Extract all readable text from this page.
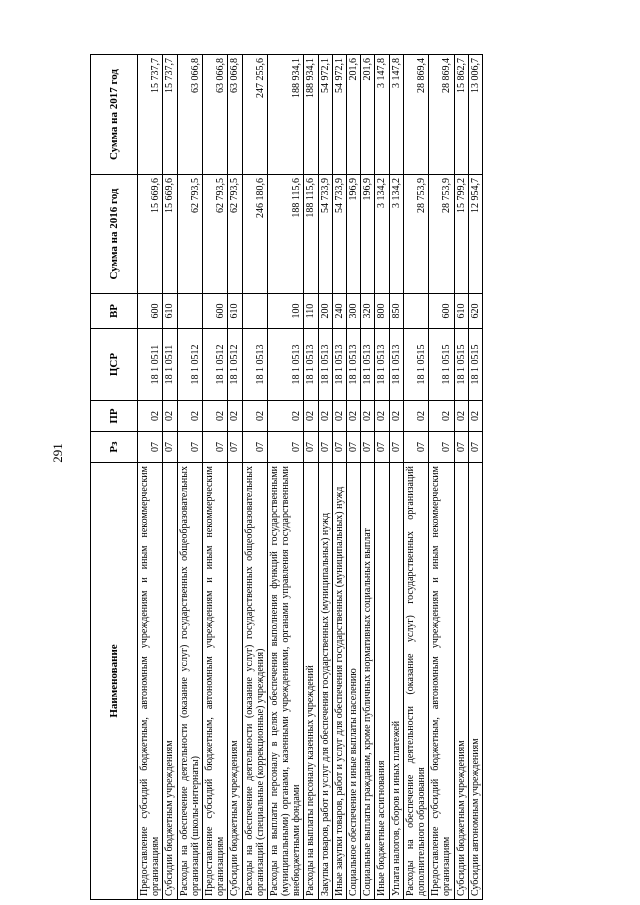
291
Наименование	Рз	ПР	ЦСР	ВР	Сумма на 2016 год	Сумма на 2017 год
Предоставление субсидий бюджетным, автономным учреждениям и иным некоммерческим организациям	07	02	18 1 0511	600	15 669,6	15 737,7
Субсидии бюджетным учреждениям	07	02	18 1 0511	610	15 669,6	15 737,7
Расходы на обеспечение деятельности (оказание услуг) государственных общеобразовательных организаций (школы-интернаты)	07	02	18 1 0512		62 793,5	63 066,8
Предоставление субсидий бюджетным, автономным учреждениям и иным некоммерческим организациям	07	02	18 1 0512	600	62 793,5	63 066,8
Субсидии бюджетным учреждениям	07	02	18 1 0512	610	62 793,5	63 066,8
Расходы на обеспечение деятельности (оказание услуг) государственных общеобразовательных организаций (специальные (коррекционные) учреждения)	07	02	18 1 0513		246 180,6	247 255,6
Расходы на выплаты персоналу в целях обеспечения выполнения функций государственными (муниципальными) органами, казенными учреждениями, органами управления государственными внебюджетными фондами	07	02	18 1 0513	100	188 115,6	188 934,1
Расходы на выплаты персоналу казенных учреждений	07	02	18 1 0513	110	188 115,6	188 934,1
Закупка товаров, работ и услуг для обеспечения государственных (муниципальных) нужд	07	02	18 1 0513	200	54 733,9	54 972,1
Иные закупки товаров, работ и услуг для обеспечения государственных (муниципальных) нужд	07	02	18 1 0513	240	54 733,9	54 972,1
Социальное обеспечение и иные выплаты населению	07	02	18 1 0513	300	196,9	201,6
Социальные выплаты гражданам, кроме публичных нормативных социальных выплат	07	02	18 1 0513	320	196,9	201,6
Иные бюджетные ассигнования	07	02	18 1 0513	800	3 134,2	3 147,8
Уплата налогов, сборов и иных платежей	07	02	18 1 0513	850	3 134,2	3 147,8
Расходы на обеспечение деятельности (оказание услуг) государственных организаций дополнительного образования	07	02	18 1 0515		28 753,9	28 869,4
Предоставление субсидий бюджетным, автономным учреждениям и иным некоммерческим организациям	07	02	18 1 0515	600	28 753,9	28 869,4
Субсидии бюджетным учреждениям	07	02	18 1 0515	610	15 799,2	15 862,7
Субсидии автономным учреждениям	07	02	18 1 0515	620	12 954,7	13 006,7
